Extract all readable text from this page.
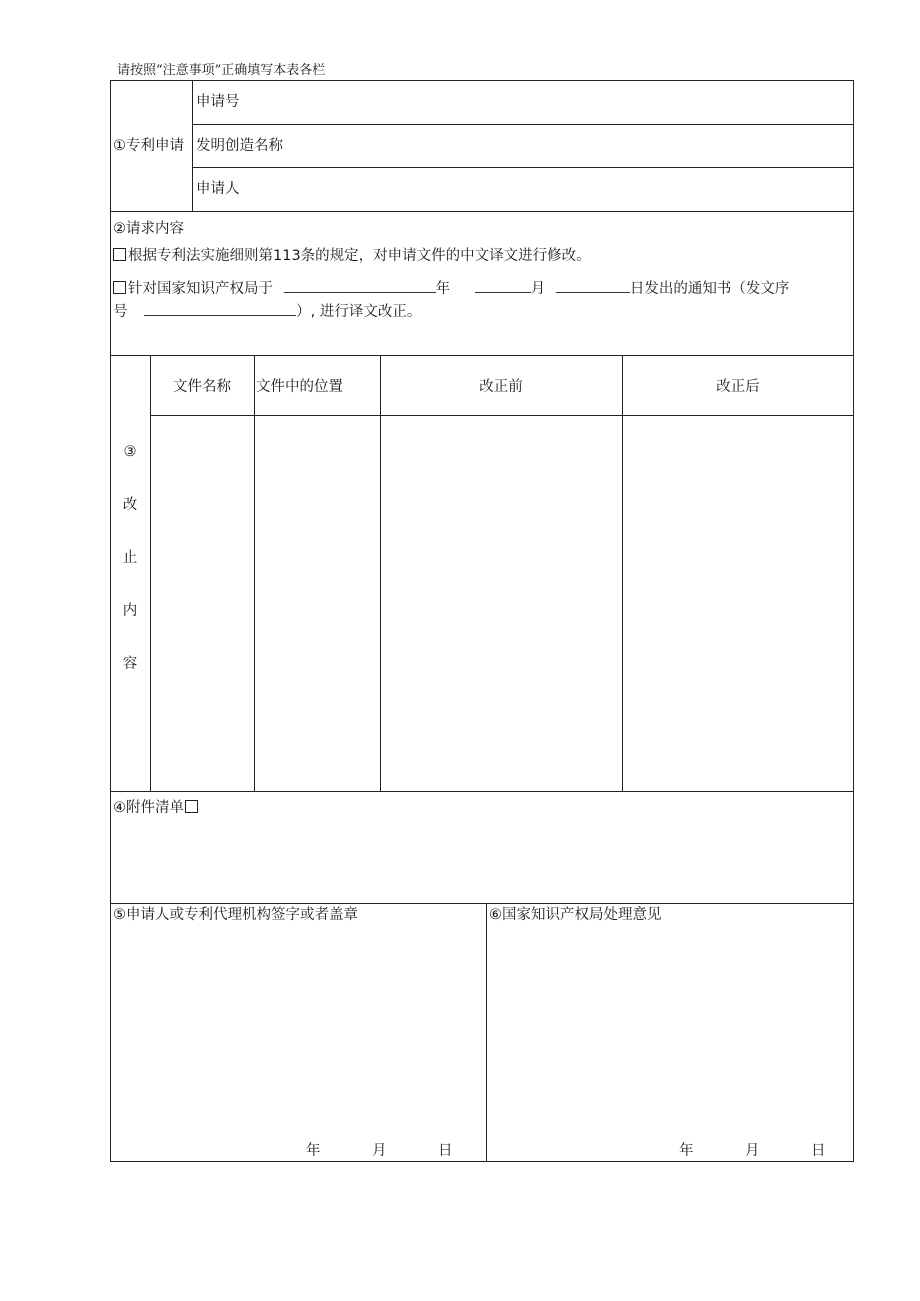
请按照“注意事项”正确填写本表各栏
①专利申请
申请号
发明创造名称
申请人
②请求内容
根据专利法实施细则第113条的规定，对申请文件的中文译文进行修改。
针对国家知识产权局于	年	月	日发出的通知书（发文序
号	）, 进行译文改正。
文件名称	文件中的位置	改正前	改正后
③
改
止
内
容
④附件清单
⑤申请人或专利代理机构签字或者盖章	⑥国家知识产权局处理意见
年	月	日	年	月	日
